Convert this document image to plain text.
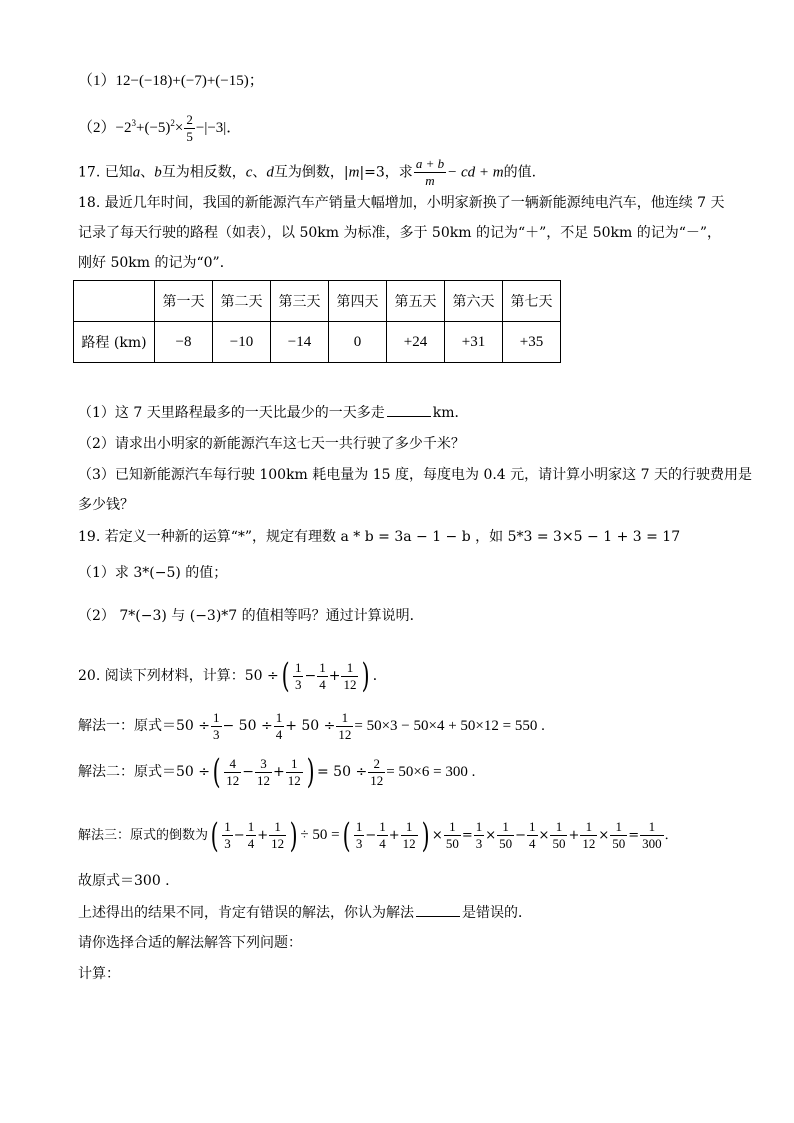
（1）12−(−18)+(−7)+(−15)；
$(2)-2^3+(-5)^2\times \frac{2}{5} -|-3|$．
17. 已知a、b互为相反数，c、d互为倒数，|m|=3，求 $\frac{a + b}{m}$ − cd + m的值.
18. 最近几年时间，我国的新能源汽车产销量大幅增加，小明家新换了一辆新能源纯电汽车，他连续 7 天
记录了每天行驶的路程（如表），以 50km 为标准，多于 50km 的记为“＋”，不足 50km 的记为“－”，
刚好 50km 的记为“0”．
	第一天	第二天	第三天	第四天	第五天	第六天	第七天
路程 (km)	−8	−10	−14	0	+24	+31	+35
（1）这 7 天里路程最多的一天比最少的一天多走	km．
（2）请求出小明家的新能源汽车这七天一共行驶了多少千米？
（3）已知新能源汽车每行驶 100km 耗电量为 15 度，每度电为 0.4 元，请计算小明家这 7 天的行驶费用是
多少钱？
19. 若定义一种新的运算“*”，规定有理数 a * b = 3a − 1 − b ，如 5*3 = 3×5 − 1 + 3 = 17
（1）求 3*(−5) 的值；
（2） 7*(−3) 与 (−3)*7 的值相等吗？通过计算说明．
20. 阅读下列材料，计算：50 ÷( $\frac{1}{3} - \frac{1}{4} + \frac{1}{12}$ ) ．
解法一：原式$=50 \div \frac{1}{3} - 50 \div \frac{1}{4} + 50 \div \frac{1}{12} = 50\times 3 - 50\times 4 + 50\times 12 = 550$ .
解法二：原式＝50 ÷( $\frac{4}{12} - \frac{3}{12} + \frac{1}{12}$ ) = $50 \div \frac{2}{12} = 50\times 6 = 300$ .
解法三：原式的倒数为( $\frac{1}{3} - \frac{1}{4} + \frac{1}{12}$ ) ÷ 50 =( $\frac{1}{3} - \frac{1}{4} + \frac{1}{12}$ ) × $\frac{1}{50} = \frac{1}{3} \times \frac{1}{50} - \frac{1}{4} \times \frac{1}{50} + \frac{1}{12} \times \frac{1}{50} = \frac{1}{300}$ ．
故原式＝300 .
上述得出的结果不同，肯定有错误的解法，你认为解法	是错误的．
请你选择合适的解法解答下列问题：
计算：
